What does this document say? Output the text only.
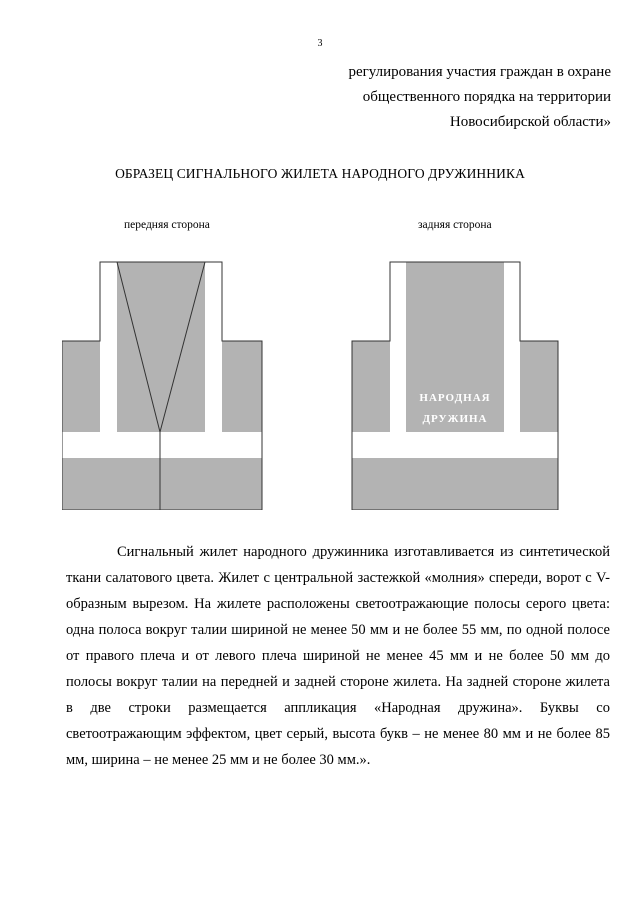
3
регулирования участия граждан в охране
общественного порядка на территории
Новосибирской области»
ОБРАЗЕЦ СИГНАЛЬНОГО ЖИЛЕТА НАРОДНОГО ДРУЖИННИКА
передняя сторона	задняя сторона
НАРОДНАЯ
ДРУЖИНА
Сигнальный жилет народного дружинника изготавливается из синтетической ткани салатового цвета. Жилет с центральной застежкой «молния» спереди, ворот с V-образным вырезом. На жилете расположены светоотражающие полосы серого цвета: одна полоса вокруг талии шириной не менее 50 мм и не более 55 мм, по одной полосе от правого плеча и от левого плеча шириной не менее 45 мм и не более 50 мм до полосы вокруг талии на передней и задней стороне жилета. На задней стороне жилета в две строки размещается аппликация «Народная дружина». Буквы со светоотражающим эффектом, цвет серый, высота букв – не менее 80 мм и не более 85 мм, ширина – не менее 25 мм и не более 30 мм.».
